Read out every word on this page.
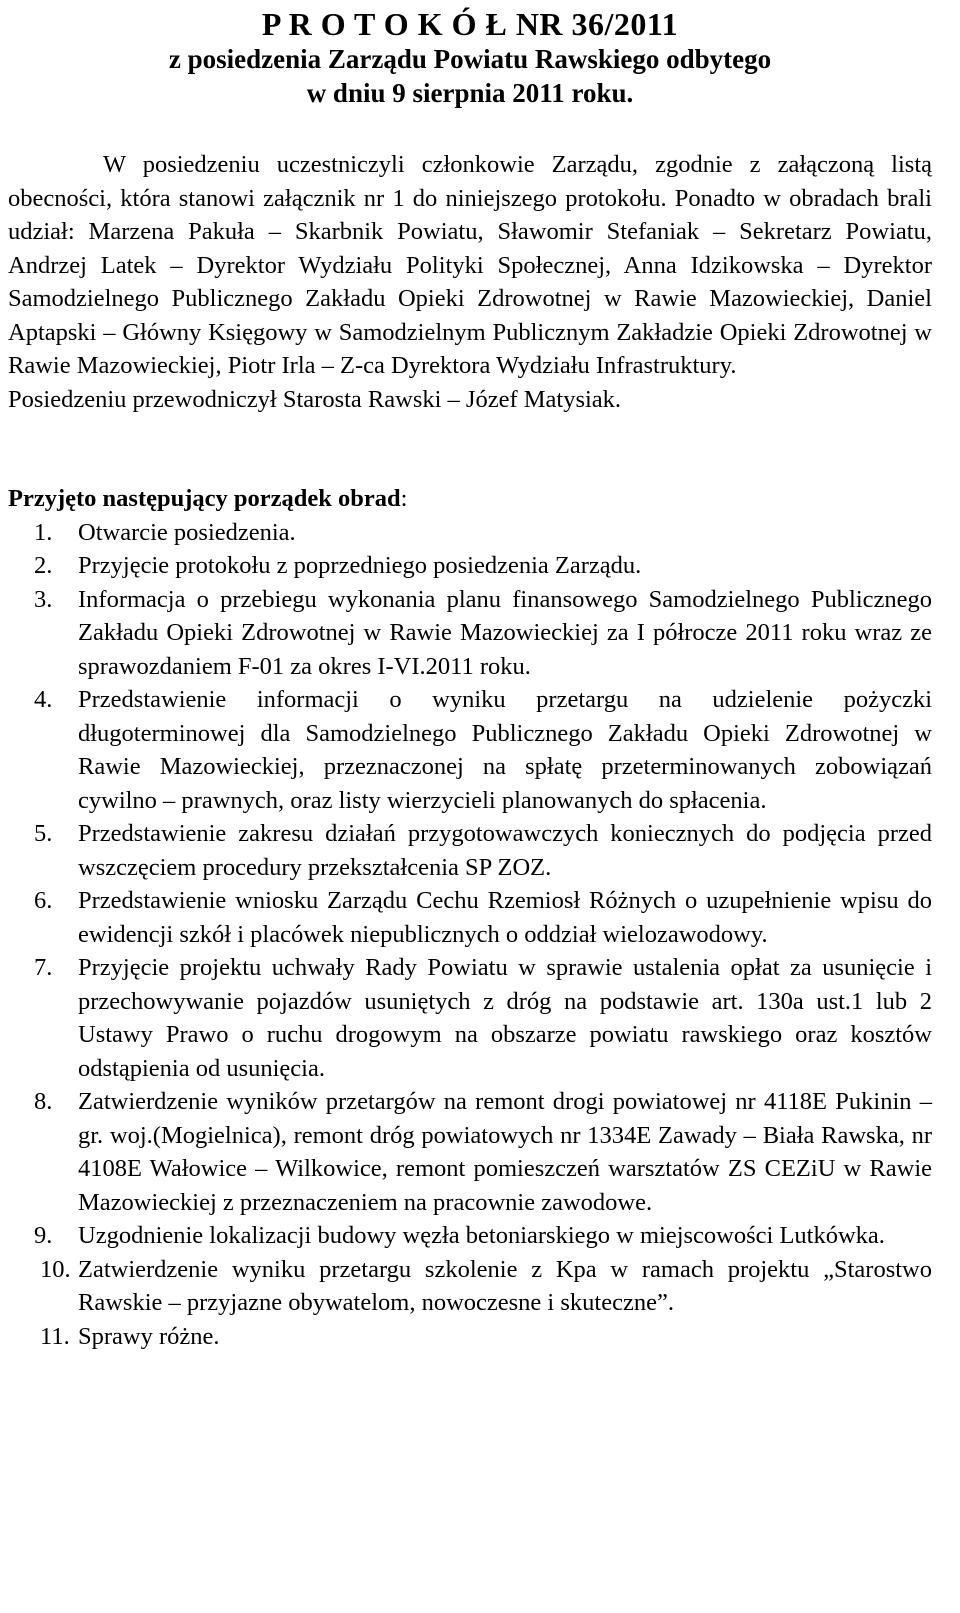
P R O T O K Ó Ł NR 36/2011
z posiedzenia Zarządu Powiatu Rawskiego odbytego
w dniu 9 sierpnia 2011 roku.

W posiedzeniu uczestniczyli członkowie Zarządu, zgodnie z załączoną listą obecności, która stanowi załącznik nr 1 do niniejszego protokołu. Ponadto w obradach brali udział: Marzena Pakuła – Skarbnik Powiatu, Sławomir Stefaniak – Sekretarz Powiatu, Andrzej Latek – Dyrektor Wydziału Polityki Społecznej, Anna Idzikowska – Dyrektor Samodzielnego Publicznego Zakładu Opieki Zdrowotnej w Rawie Mazowieckiej, Daniel Aptapski – Główny Księgowy w Samodzielnym Publicznym Zakładzie Opieki Zdrowotnej w Rawie Mazowieckiej, Piotr Irla – Z-ca Dyrektora Wydziału Infrastruktury.

Posiedzeniu przewodniczył Starosta Rawski – Józef Matysiak.

Przyjęto następujący porządek obrad:

1. Otwarcie posiedzenia.
2. Przyjęcie protokołu z poprzedniego posiedzenia Zarządu.
3. Informacja o przebiegu wykonania planu finansowego Samodzielnego Publicznego Zakładu Opieki Zdrowotnej w Rawie Mazowieckiej za I półrocze 2011 roku wraz ze sprawozdaniem F-01 za okres I-VI.2011 roku.
4. Przedstawienie informacji o wyniku przetargu na udzielenie pożyczki długoterminowej dla Samodzielnego Publicznego Zakładu Opieki Zdrowotnej w Rawie Mazowieckiej, przeznaczonej na spłatę przeterminowanych zobowiązań cywilno – prawnych, oraz listy wierzycieli planowanych do spłacenia.
5. Przedstawienie zakresu działań przygotowawczych koniecznych do podjęcia przed wszczęciem procedury przekształcenia SP ZOZ.
6. Przedstawienie wniosku Zarządu Cechu Rzemiosł Różnych o uzupełnienie wpisu do ewidencji szkół i placówek niepublicznych o oddział wielozawodowy.
7. Przyjęcie projektu uchwały Rady Powiatu w sprawie ustalenia opłat za usunięcie i przechowywanie pojazdów usuniętych z dróg na podstawie art. 130a ust.1 lub 2 Ustawy Prawo o ruchu drogowym na obszarze powiatu rawskiego oraz kosztów odstąpienia od usunięcia.
8. Zatwierdzenie wyników przetargów na remont drogi powiatowej nr 4118E Pukinin – gr. woj.(Mogielnica), remont dróg powiatowych nr 1334E Zawady – Biała Rawska, nr 4108E Wałowice – Wilkowice, remont pomieszczeń warsztatów ZS CEZiU w Rawie Mazowieckiej z przeznaczeniem na pracownie zawodowe.
9. Uzgodnienie lokalizacji budowy węzła betoniarskiego w miejscowości Lutkówka.
10. Zatwierdzenie wyniku przetargu szkolenie z Kpa w ramach projektu „Starostwo Rawskie – przyjazne obywatelom, nowoczesne i skuteczne”.
11. Sprawy różne.
